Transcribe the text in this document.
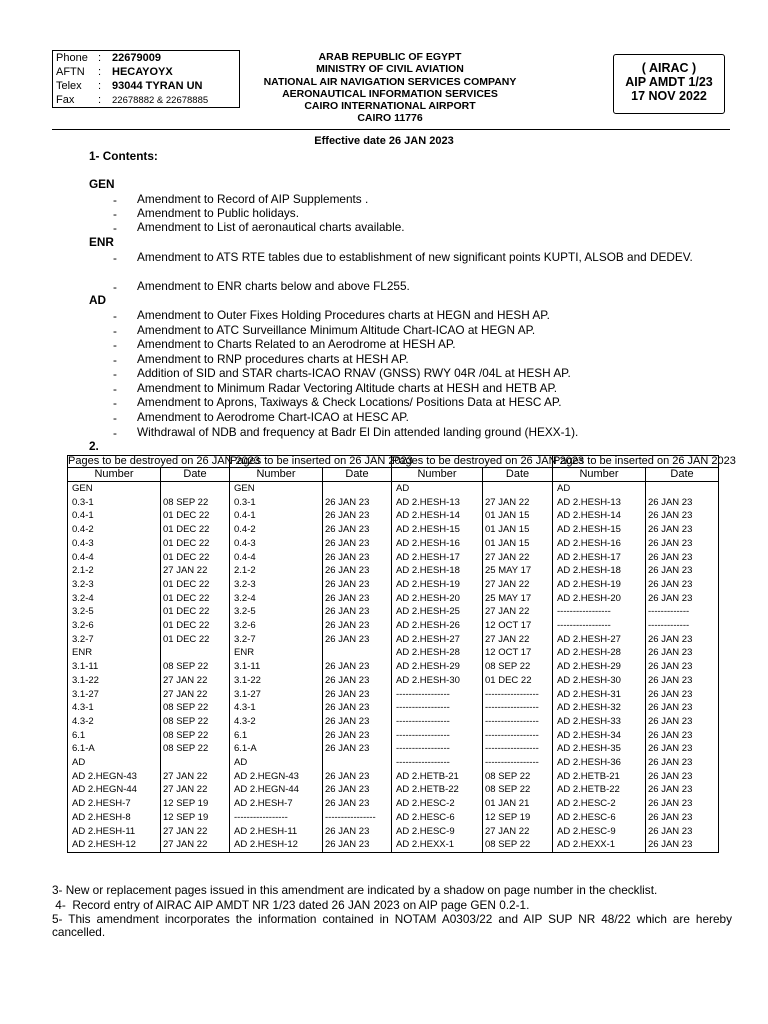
Phone : 22679009
AFTN : HECAYOYX
Telex : 93044 TYRAN UN
Fax : 22678882 & 22678885
ARAB REPUBLIC OF EGYPT
MINISTRY OF CIVIL AVIATION
NATIONAL AIR NAVIGATION SERVICES COMPANY
AERONAUTICAL INFORMATION SERVICES
CAIRO INTERNATIONAL AIRPORT
CAIRO 11776
( AIRAC )
AIP AMDT 1/23
17 NOV 2022
Effective date 26 JAN 2023
1- Contents:
GEN
- Amendment to Record of AIP Supplements .
- Amendment to Public holidays.
- Amendment to List of aeronautical charts available.
ENR
- Amendment to ATS RTE tables due to establishment of new significant points KUPTI, ALSOB and DEDEV.
- Amendment to ENR charts below and above FL255.
AD
- Amendment to Outer Fixes Holding Procedures charts at HEGN and HESH AP.
- Amendment to ATC Surveillance Minimum Altitude Chart-ICAO at HEGN AP.
- Amendment to Charts Related to an Aerodrome at HESH AP.
- Amendment to RNP procedures charts at HESH AP.
- Addition of SID and STAR charts-ICAO RNAV (GNSS) RWY 04R /04L at HESH AP.
- Amendment to Minimum Radar Vectoring Altitude charts at HESH and HETB AP.
- Amendment to Aprons, Taxiways & Check Locations/ Positions Data at HESC AP.
- Amendment to Aerodrome Chart-ICAO at HESC AP.
- Withdrawal of NDB and frequency at Badr El Din attended landing ground (HEXX-1).
2.
Pages to be destroyed on 26 JAN 2023		Pages to be inserted on 26 JAN 2023		Pages to be destroyed on 26 JAN 2023		Pages to be inserted on 26 JAN 2023	
Number	Date	Number	Date	Number	Date	Number	Date
GEN		GEN		AD		AD	
0.3-1	08 SEP 22	0.3-1	26 JAN 23	AD 2.HESH-13	27 JAN 22	AD 2.HESH-13	26 JAN 23
0.4-1	01 DEC 22	0.4-1	26 JAN 23	AD 2.HESH-14	01 JAN 15	AD 2.HESH-14	26 JAN 23
0.4-2	01 DEC 22	0.4-2	26 JAN 23	AD 2.HESH-15	01 JAN 15	AD 2.HESH-15	26 JAN 23
0.4-3	01 DEC 22	0.4-3	26 JAN 23	AD 2.HESH-16	01 JAN 15	AD 2.HESH-16	26 JAN 23
0.4-4	01 DEC 22	0.4-4	26 JAN 23	AD 2.HESH-17	27 JAN 22	AD 2.HESH-17	26 JAN 23
2.1-2	27 JAN 22	2.1-2	26 JAN 23	AD 2.HESH-18	25 MAY 17	AD 2.HESH-18	26 JAN 23
3.2-3	01 DEC 22	3.2-3	26 JAN 23	AD 2.HESH-19	27 JAN 22	AD 2.HESH-19	26 JAN 23
3.2-4	01 DEC 22	3.2-4	26 JAN 23	AD 2.HESH-20	25 MAY 17	AD 2.HESH-20	26 JAN 23
3.2-5	01 DEC 22	3.2-5	26 JAN 23	AD 2.HESH-25	27 JAN 22	-----------------	-------------
3.2-6	01 DEC 22	3.2-6	26 JAN 23	AD 2.HESH-26	12 OCT 17	-----------------	-------------
3.2-7	01 DEC 22	3.2-7	26 JAN 23	AD 2.HESH-27	27 JAN 22	AD 2.HESH-27	26 JAN 23
ENR		ENR		AD 2.HESH-28	12 OCT 17	AD 2.HESH-28	26 JAN 23
3.1-11	08 SEP 22	3.1-11	26 JAN 23	AD 2.HESH-29	08 SEP 22	AD 2.HESH-29	26 JAN 23
3.1-22	27 JAN 22	3.1-22	26 JAN 23	AD 2.HESH-30	01 DEC 22	AD 2.HESH-30	26 JAN 23
3.1-27	27 JAN 22	3.1-27	26 JAN 23	-----------------	-----------------	AD 2.HESH-31	26 JAN 23
4.3-1	08 SEP 22	4.3-1	26 JAN 23	-----------------	-----------------	AD 2.HESH-32	26 JAN 23
4.3-2	08 SEP 22	4.3-2	26 JAN 23	-----------------	-----------------	AD 2.HESH-33	26 JAN 23
6.1	08 SEP 22	6.1	26 JAN 23	-----------------	-----------------	AD 2.HESH-34	26 JAN 23
6.1-A	08 SEP 22	6.1-A	26 JAN 23	-----------------	-----------------	AD 2.HESH-35	26 JAN 23
AD		AD		-----------------	-----------------	AD 2.HESH-36	26 JAN 23
AD 2.HEGN-43	27 JAN 22	AD 2.HEGN-43	26 JAN 23	AD 2.HETB-21	08 SEP 22	AD 2.HETB-21	26 JAN 23
AD 2.HEGN-44	27 JAN 22	AD 2.HEGN-44	26 JAN 23	AD 2.HETB-22	08 SEP 22	AD 2.HETB-22	26 JAN 23
AD 2.HESH-7	12 SEP 19	AD 2.HESH-7	26 JAN 23	AD 2.HESC-2	01 JAN 21	AD 2.HESC-2	26 JAN 23
AD 2.HESH-8	12 SEP 19	-----------------	----------------	AD 2.HESC-6	12 SEP 19	AD 2.HESC-6	26 JAN 23
AD 2.HESH-11	27 JAN 22	AD 2.HESH-11	26 JAN 23	AD 2.HESC-9	27 JAN 22	AD 2.HESC-9	26 JAN 23
AD 2.HESH-12	27 JAN 22	AD 2.HESH-12	26 JAN 23	AD 2.HEXX-1	08 SEP 22	AD 2.HEXX-1	26 JAN 23
3- New or replacement pages issued in this amendment are indicated by a shadow on page number in the checklist.
4-  Record entry of AIRAC AIP AMDT NR 1/23 dated 26 JAN 2023 on AIP page GEN 0.2-1.
5- This amendment incorporates the information contained in NOTAM A0303/22 and AIP SUP NR 48/22 which are hereby cancelled.
